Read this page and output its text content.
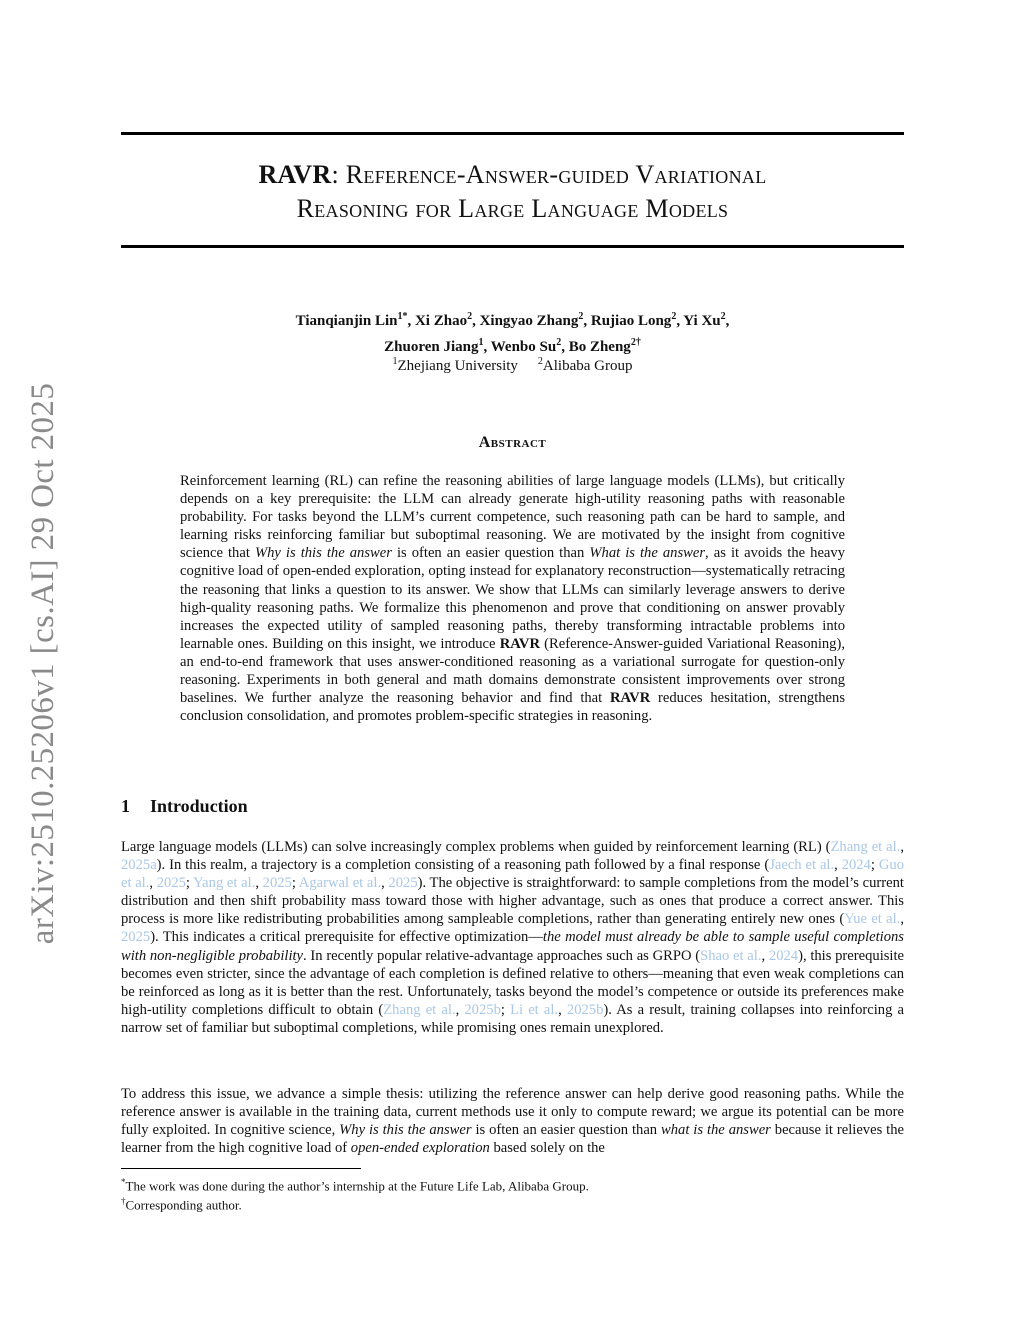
arXiv:2510.25206v1 [cs.AI] 29 Oct 2025
RAVR: Reference-Answer-guided Variational
Reasoning for Large Language Models
Tianqianjin Lin$^{1*}$, Xi Zhao$^2$, Xingyao Zhang$^2$, Rujiao Long$^2$, Yi Xu$^2$,
Zhuoren Jiang$^1$, Wenbo Su$^2$, Bo Zheng$^{2\dagger}$
$^1$Zhejiang University $^2$Alibaba Group
Abstract
Reinforcement learning (RL) can refine the reasoning abilities of large language models (LLMs), but critically depends on a key prerequisite: the LLM can already generate high-utility reasoning paths with reasonable probability. For tasks beyond the LLM’s current competence, such reasoning path can be hard to sample, and learning risks reinforcing familiar but suboptimal reasoning. We are motivated by the insight from cognitive science that Why is this the answer is often an easier question than What is the answer, as it avoids the heavy cognitive load of open-ended exploration, opting instead for explanatory reconstruction—systematically retracing the reasoning that links a question to its answer. We show that LLMs can similarly leverage answers to derive high-quality reasoning paths. We formalize this phenomenon and prove that conditioning on answer provably increases the expected utility of sampled reasoning paths, thereby transforming intractable problems into learnable ones. Building on this insight, we introduce RAVR (Reference-Answer-guided Variational Reasoning), an end-to-end framework that uses answer-conditioned reasoning as a variational surrogate for question-only reasoning. Experiments in both general and math domains demonstrate consistent improvements over strong baselines. We further analyze the reasoning behavior and find that RAVR reduces hesitation, strengthens conclusion consolidation, and promotes problem-specific strategies in reasoning.
1 Introduction
Large language models (LLMs) can solve increasingly complex problems when guided by reinforcement learning (RL) (Zhang et al., 2025a). In this realm, a trajectory is a completion consisting of a reasoning path followed by a final response (Jaech et al., 2024; Guo et al., 2025; Yang et al., 2025; Agarwal et al., 2025). The objective is straightforward: to sample completions from the model’s current distribution and then shift probability mass toward those with higher advantage, such as ones that produce a correct answer. This process is more like redistributing probabilities among sampleable completions, rather than generating entirely new ones (Yue et al., 2025). This indicates a critical prerequisite for effective optimization—the model must already be able to sample useful completions with non-negligible probability. In recently popular relative-advantage approaches such as GRPO (Shao et al., 2024), this prerequisite becomes even stricter, since the advantage of each completion is defined relative to others—meaning that even weak completions can be reinforced as long as it is better than the rest. Unfortunately, tasks beyond the model’s competence or outside its preferences make high-utility completions difficult to obtain (Zhang et al., 2025b; Li et al., 2025b). As a result, training collapses into reinforcing a narrow set of familiar but suboptimal completions, while promising ones remain unexplored.
To address this issue, we advance a simple thesis: utilizing the reference answer can help derive good reasoning paths. While the reference answer is available in the training data, current methods use it only to compute reward; we argue its potential can be more fully exploited. In cognitive science, Why is this the answer is often an easier question than what is the answer because it relieves the learner from the high cognitive load of open-ended exploration based solely on the
*The work was done during the author’s internship at the Future Life Lab, Alibaba Group.
†Corresponding author.
